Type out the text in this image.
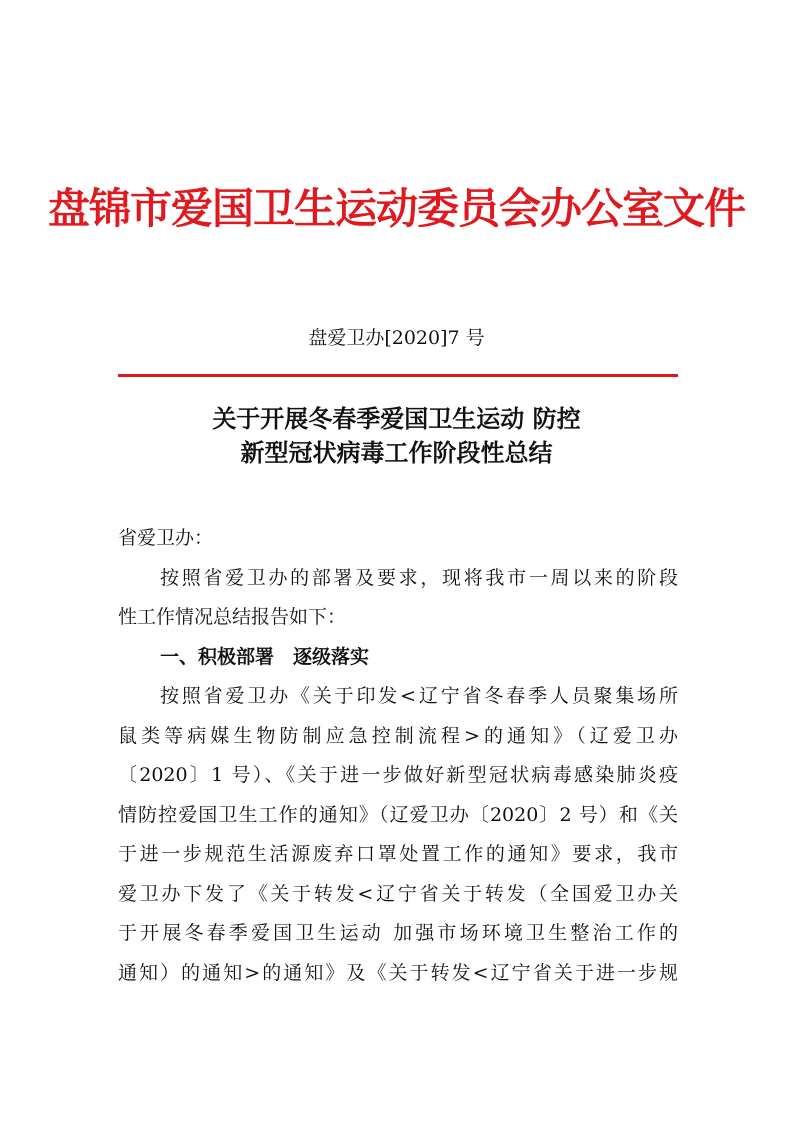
盘锦市爱国卫生运动委员会办公室文件
盘爱卫办[2020]7 号
关于开展冬春季爱国卫生运动 防控
新型冠状病毒工作阶段性总结
省爱卫办：
按照省爱卫办的部署及要求，现将我市一周以来的阶段
性工作情况总结报告如下：
一、积极部署　逐级落实
按照省爱卫办《关于印发<辽宁省冬春季人员聚集场所
鼠类等病媒生物防制应急控制流程>的通知》（辽爱卫办
〔2020〕1 号）、《关于进一步做好新型冠状病毒感染肺炎疫
情防控爱国卫生工作的通知》（辽爱卫办〔2020〕2 号）和《关
于进一步规范生活源废弃口罩处置工作的通知》要求，我市
爱卫办下发了《关于转发<辽宁省关于转发（全国爱卫办关
于开展冬春季爱国卫生运动 加强市场环境卫生整治工作的
通知）的通知>的通知》及《关于转发<辽宁省关于进一步规
